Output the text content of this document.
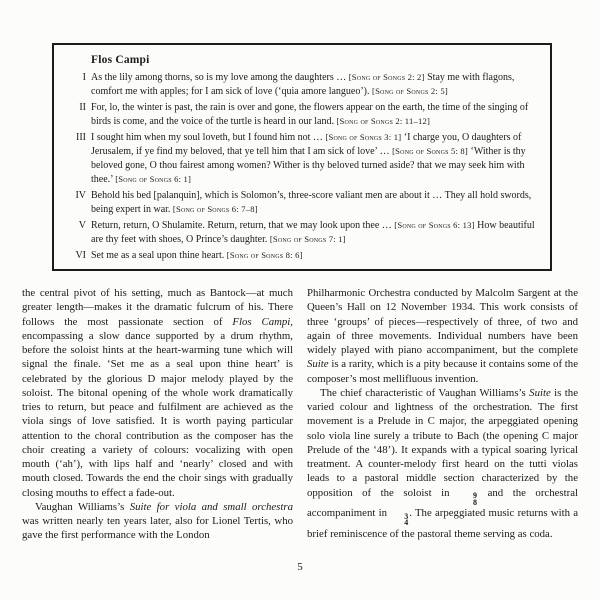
Flos Campi
I As the lily among thorns, so is my love among the daughters … [Song of Songs 2: 2] Stay me with flagons, comfort me with apples; for I am sick of love (‘quia amore langueo’). [Song of Songs 2: 5]
II For, lo, the winter is past, the rain is over and gone, the flowers appear on the earth, the time of the singing of birds is come, and the voice of the turtle is heard in our land. [Song of Songs 2: 11–12]
III I sought him when my soul loveth, but I found him not … [Song of Songs 3: 1] ‘I charge you, O daughters of Jerusalem, if ye find my beloved, that ye tell him that I am sick of love’ … [Song of Songs 5: 8] ‘Wither is thy beloved gone, O thou fairest among women? Wither is thy beloved turned aside? that we may seek him with thee.’ [Song of Songs 6: 1]
IV Behold his bed [palanquin], which is Solomon’s, three-score valiant men are about it … They all hold swords, being expert in war. [Song of Songs 6: 7–8]
V Return, return, O Shulamite. Return, return, that we may look upon thee … [Song of Songs 6: 13] How beautiful are thy feet with shoes, O Prince’s daughter. [Song of Songs 7: 1]
VI Set me as a seal upon thine heart. [Song of Songs 8: 6]

the central pivot of his setting, much as Bantock—at much greater length—makes it the dramatic fulcrum of his. There follows the most passionate section of Flos Campi, encompassing a slow dance supported by a drum rhythm, before the soloist hints at the heart-warming tune which will signal the finale. ‘Set me as a seal upon thine heart’ is celebrated by the glorious D major melody played by the soloist. The bitonal opening of the whole work dramatically tries to return, but peace and fulfilment are achieved as the viola sings of love satisfied. It is worth paying particular attention to the choral contribution as the composer has the choir creating a variety of colours: vocalizing with open mouth (‘ah’), with lips half and ‘nearly’ closed and with mouth closed. Towards the end the choir sings with gradually closing mouths to effect a fade-out.

Vaughan Williams’s Suite for viola and small orchestra was written nearly ten years later, also for Lionel Tertis, who gave the first performance with the London

Philharmonic Orchestra conducted by Malcolm Sargent at the Queen’s Hall on 12 November 1934. This work consists of three ‘groups’ of pieces—respectively of three, of two and again of three movements. Individual numbers have been widely played with piano accompaniment, but the complete Suite is a rarity, which is a pity because it contains some of the composer’s most mellifluous invention.

The chief characteristic of Vaughan Williams’s Suite is the varied colour and lightness of the orchestration. The first movement is a Prelude in C major, the arpeggiated opening solo viola line surely a tribute to Bach (the opening C major Prelude of the ‘48’). It expands with a typical soaring lyrical treatment. A counter-melody first heard on the tutti violas leads to a pastoral middle section characterized by the opposition of the soloist in	9
8
and the orchestral accompaniment in	3
4
. The arpeggiated music returns with a brief reminiscence of the pastoral theme serving as coda.

5
